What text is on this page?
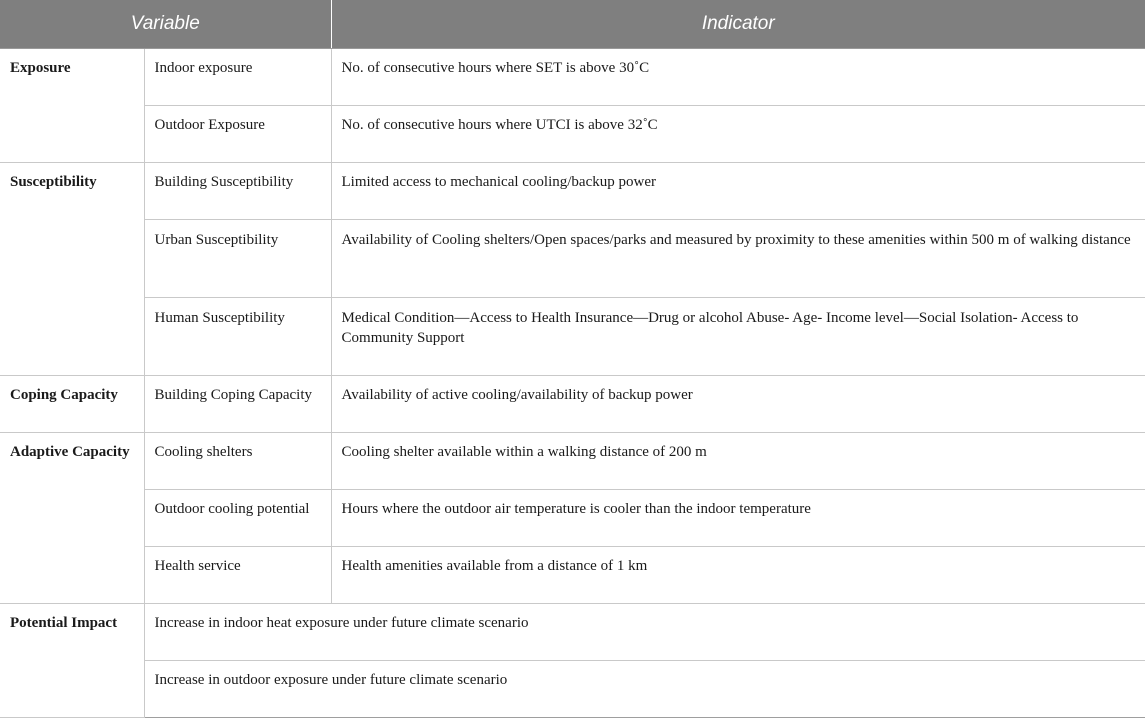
Variable		Indicator
Exposure	Indoor exposure	No. of consecutive hours where SET is above 30˚C
	Outdoor Exposure	No. of consecutive hours where UTCI is above 32˚C
Susceptibility	Building Susceptibility	Limited access to mechanical cooling/backup power
	Urban Susceptibility	Availability of Cooling shelters/Open spaces/parks and measured by proximity to these amenities within 500 m of walking distance
	Human Susceptibility	Medical Condition—Access to Health Insurance—Drug or alcohol Abuse- Age- Income level—Social Isolation- Access to Community Support
Coping Capacity	Building Coping Capacity	Availability of active cooling/availability of backup power
Adaptive Capacity	Cooling shelters	Cooling shelter available within a walking distance of 200 m
	Outdoor cooling potential	Hours where the outdoor air temperature is cooler than the indoor temperature
	Health service	Health amenities available from a distance of 1 km
Potential Impact	Increase in indoor heat exposure under future climate scenario	
	Increase in outdoor exposure under future climate scenario	
